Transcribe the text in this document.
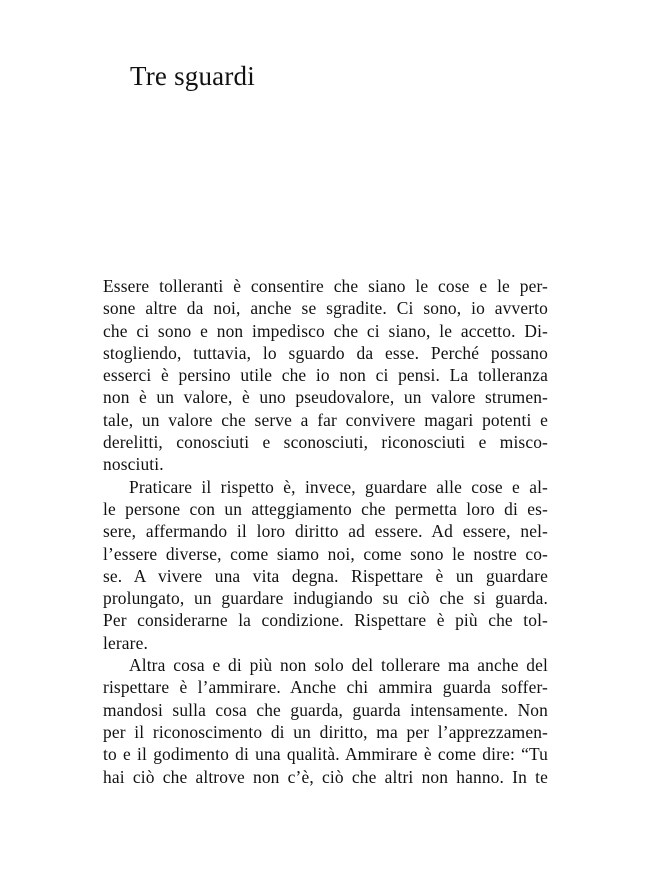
Tre sguardi
Essere tolleranti è consentire che siano le cose e le per-
sone altre da noi, anche se sgradite. Ci sono, io avverto
che ci sono e non impedisco che ci siano, le accetto. Di-
stogliendo, tuttavia, lo sguardo da esse. Perché possano
esserci è persino utile che io non ci pensi. La tolleranza
non è un valore, è uno pseudovalore, un valore strumen-
tale, un valore che serve a far convivere magari potenti e
derelitti, conosciuti e sconosciuti, riconosciuti e misco-
nosciuti.
Praticare il rispetto è, invece, guardare alle cose e al-
le persone con un atteggiamento che permetta loro di es-
sere, affermando il loro diritto ad essere. Ad essere, nel-
l’essere diverse, come siamo noi, come sono le nostre co-
se. A vivere una vita degna. Rispettare è un guardare
prolungato, un guardare indugiando su ciò che si guarda.
Per considerarne la condizione. Rispettare è più che tol-
lerare.
Altra cosa e di più non solo del tollerare ma anche del
rispettare è l’ammirare. Anche chi ammira guarda soffer-
mandosi sulla cosa che guarda, guarda intensamente. Non
per il riconoscimento di un diritto, ma per l’apprezzamen-
to e il godimento di una qualità. Ammirare è come dire: “Tu
hai ciò che altrove non c’è, ciò che altri non hanno. In te
